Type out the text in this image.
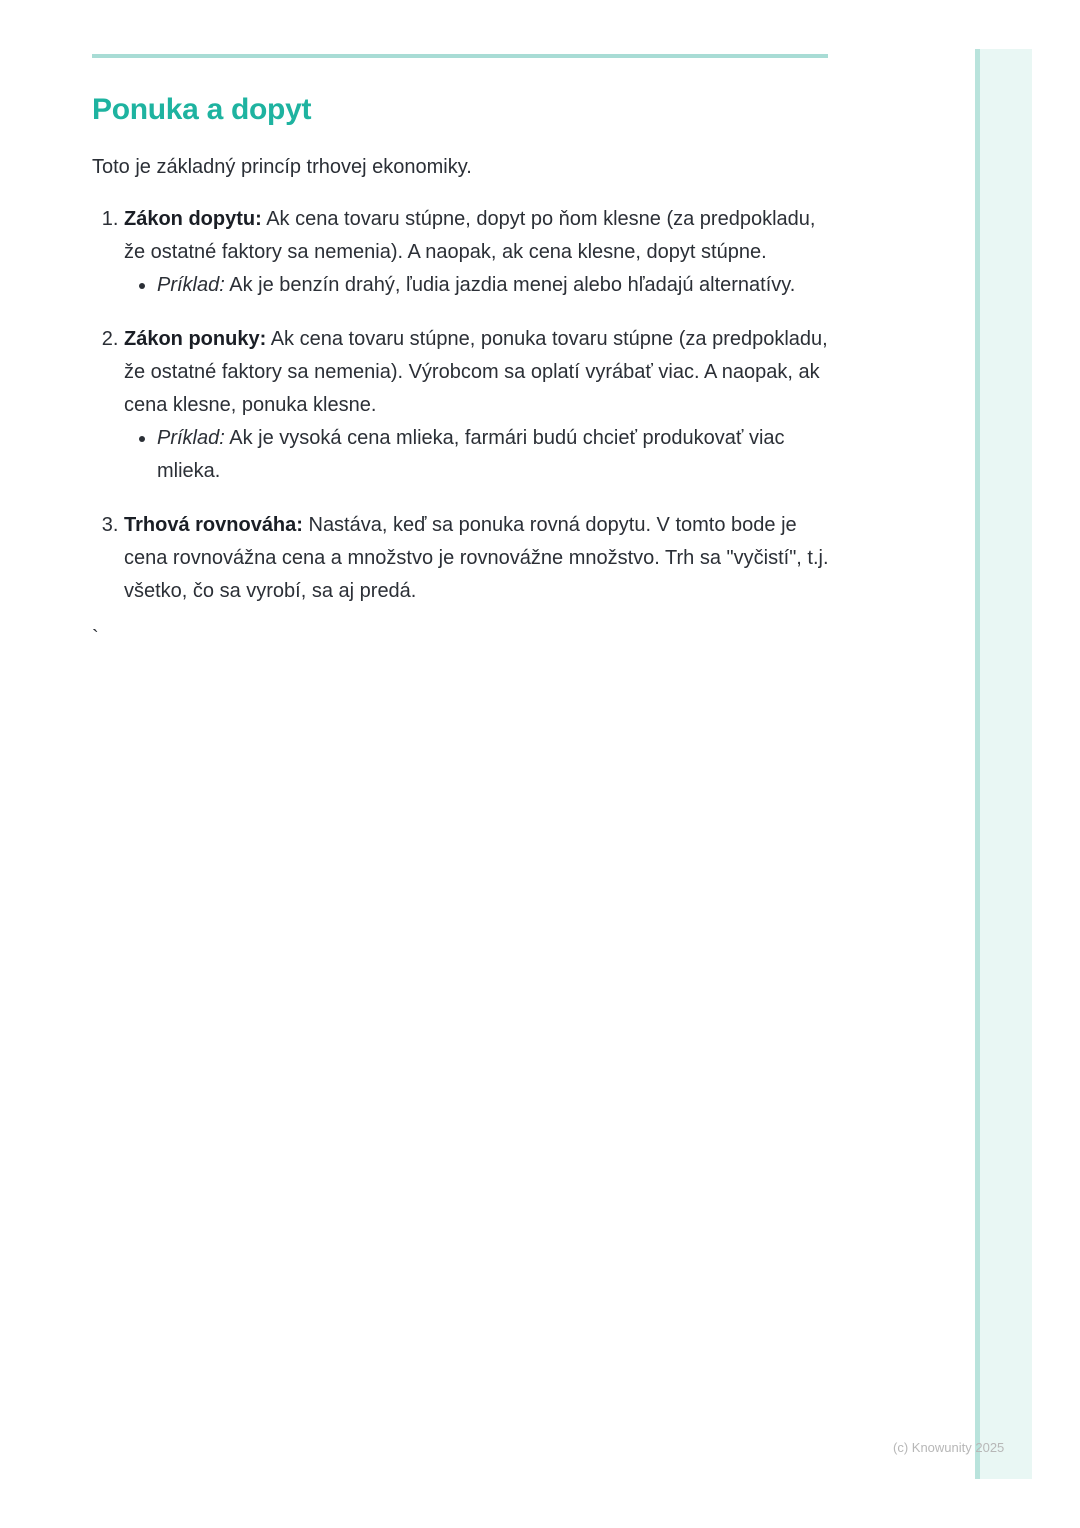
Ponuka a dopyt

Toto je základný princíp trhovej ekonomiky.

1. Zákon dopytu: Ak cena tovaru stúpne, dopyt po ňom klesne (za predpokladu, že ostatné faktory sa nemenia). A naopak, ak cena klesne, dopyt stúpne.
• Príklad: Ak je benzín drahý, ľudia jazdia menej alebo hľadajú alternatívy.
2. Zákon ponuky: Ak cena tovaru stúpne, ponuka tovaru stúpne (za predpokladu, že ostatné faktory sa nemenia). Výrobcom sa oplatí vyrábať viac. A naopak, ak cena klesne, ponuka klesne.
• Príklad: Ak je vysoká cena mlieka, farmári budú chcieť produkovať viac mlieka.
3. Trhová rovnováha: Nastáva, keď sa ponuka rovná dopytu. V tomto bode je cena rovnovážna cena a množstvo je rovnovážne množstvo. Trh sa "vyčistí", t.j. všetko, čo sa vyrobí, sa aj predá.
`
(c) Knowunity 2025
